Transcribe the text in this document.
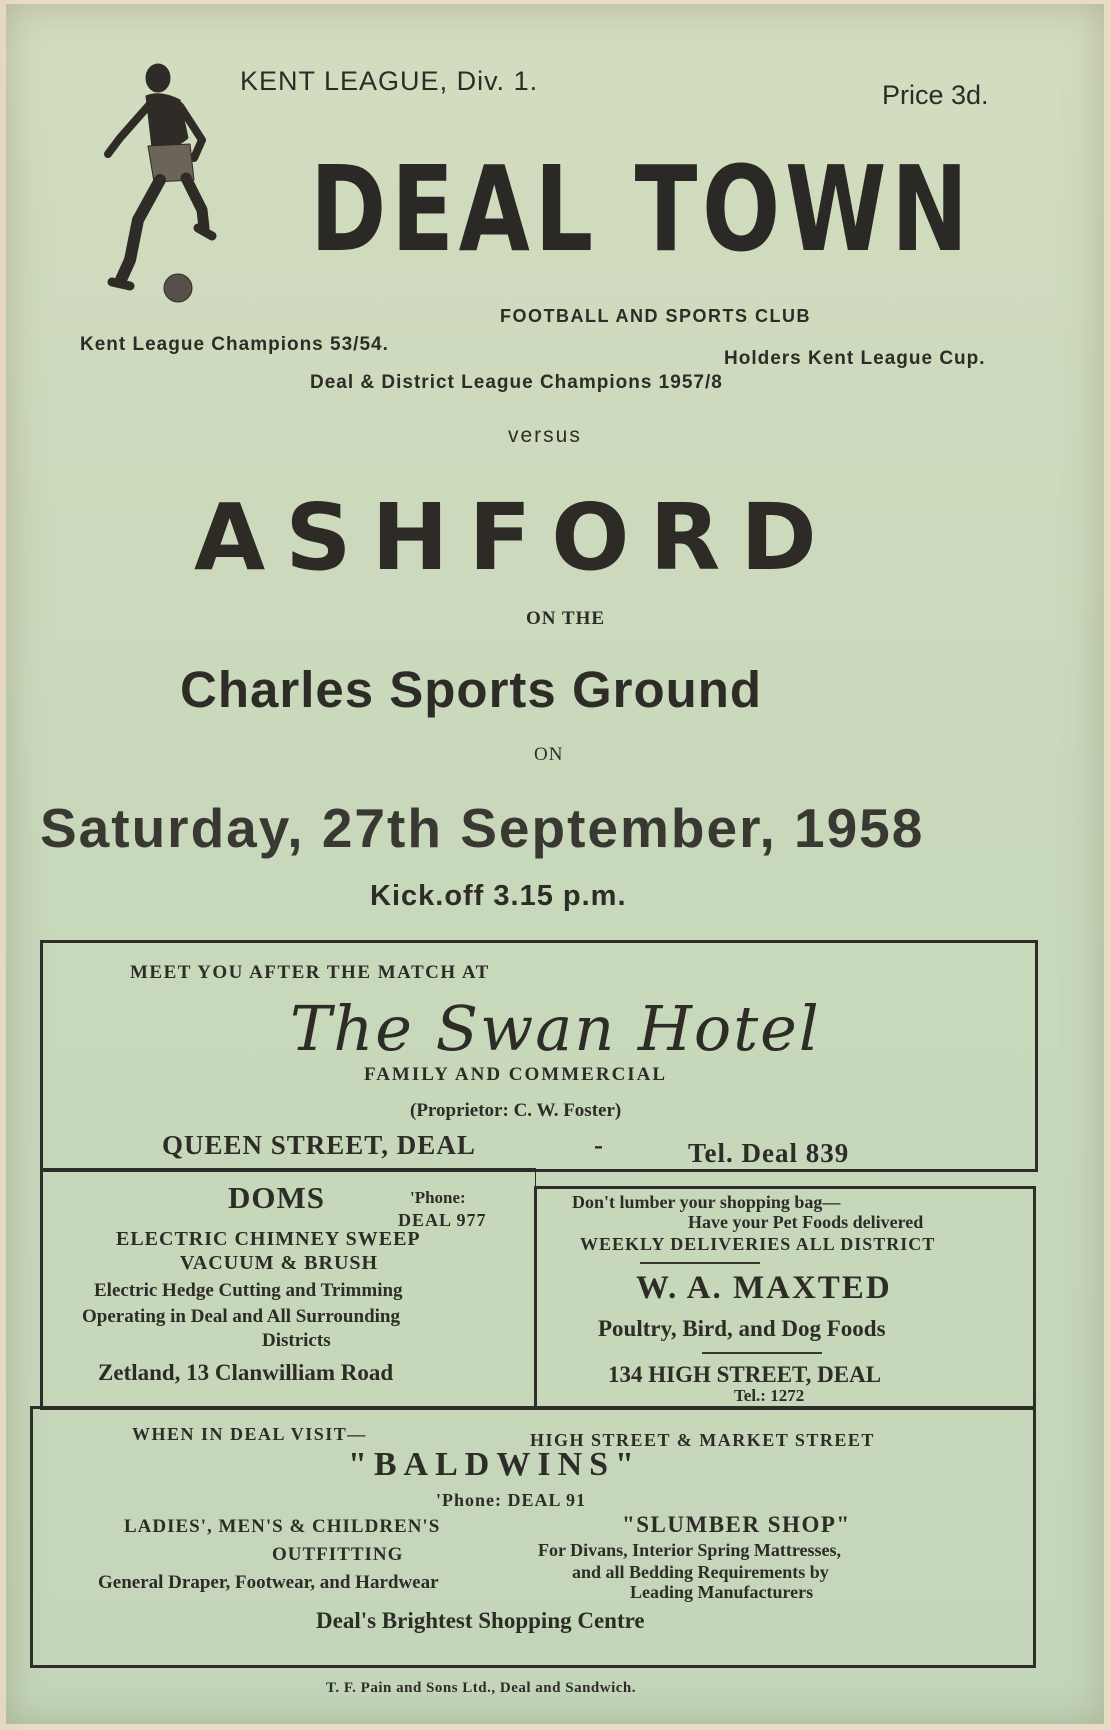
KENT LEAGUE, Div. 1.	Price 3d.
DEAL TOWN
FOOTBALL AND SPORTS CLUB
Kent League Champions 53/54.
Holders Kent League Cup.
Deal & District League Champions 1957/8
versus
ASHFORD
ON THE
Charles Sports Ground
ON
Saturday, 27th September, 1958
Kick.off 3.15 p.m.
MEET YOU AFTER THE MATCH AT
The Swan Hotel
FAMILY AND COMMERCIAL
(Proprietor: C. W. Foster)
QUEEN STREET, DEAL	-	Tel. Deal 839
DOMS	'Phone:
DEAL 977
ELECTRIC CHIMNEY SWEEP
VACUUM & BRUSH
Electric Hedge Cutting and Trimming
Operating in Deal and All Surrounding
Districts
Zetland, 13 Clanwilliam Road
Don't lumber your shopping bag—
Have your Pet Foods delivered
WEEKLY DELIVERIES ALL DISTRICT
W. A. MAXTED
Poultry, Bird, and Dog Foods
134 HIGH STREET, DEAL
Tel.: 1272
WHEN IN DEAL VISIT—	HIGH STREET & MARKET STREET
"BALDWINS"
'Phone: DEAL 91
LADIES', MEN'S & CHILDREN'S
OUTFITTING
General Draper, Footwear, and Hardwear
"SLUMBER SHOP"
For Divans, Interior Spring Mattresses,
and all Bedding Requirements by
Leading Manufacturers
Deal's Brightest Shopping Centre
T. F. Pain and Sons Ltd., Deal and Sandwich.
